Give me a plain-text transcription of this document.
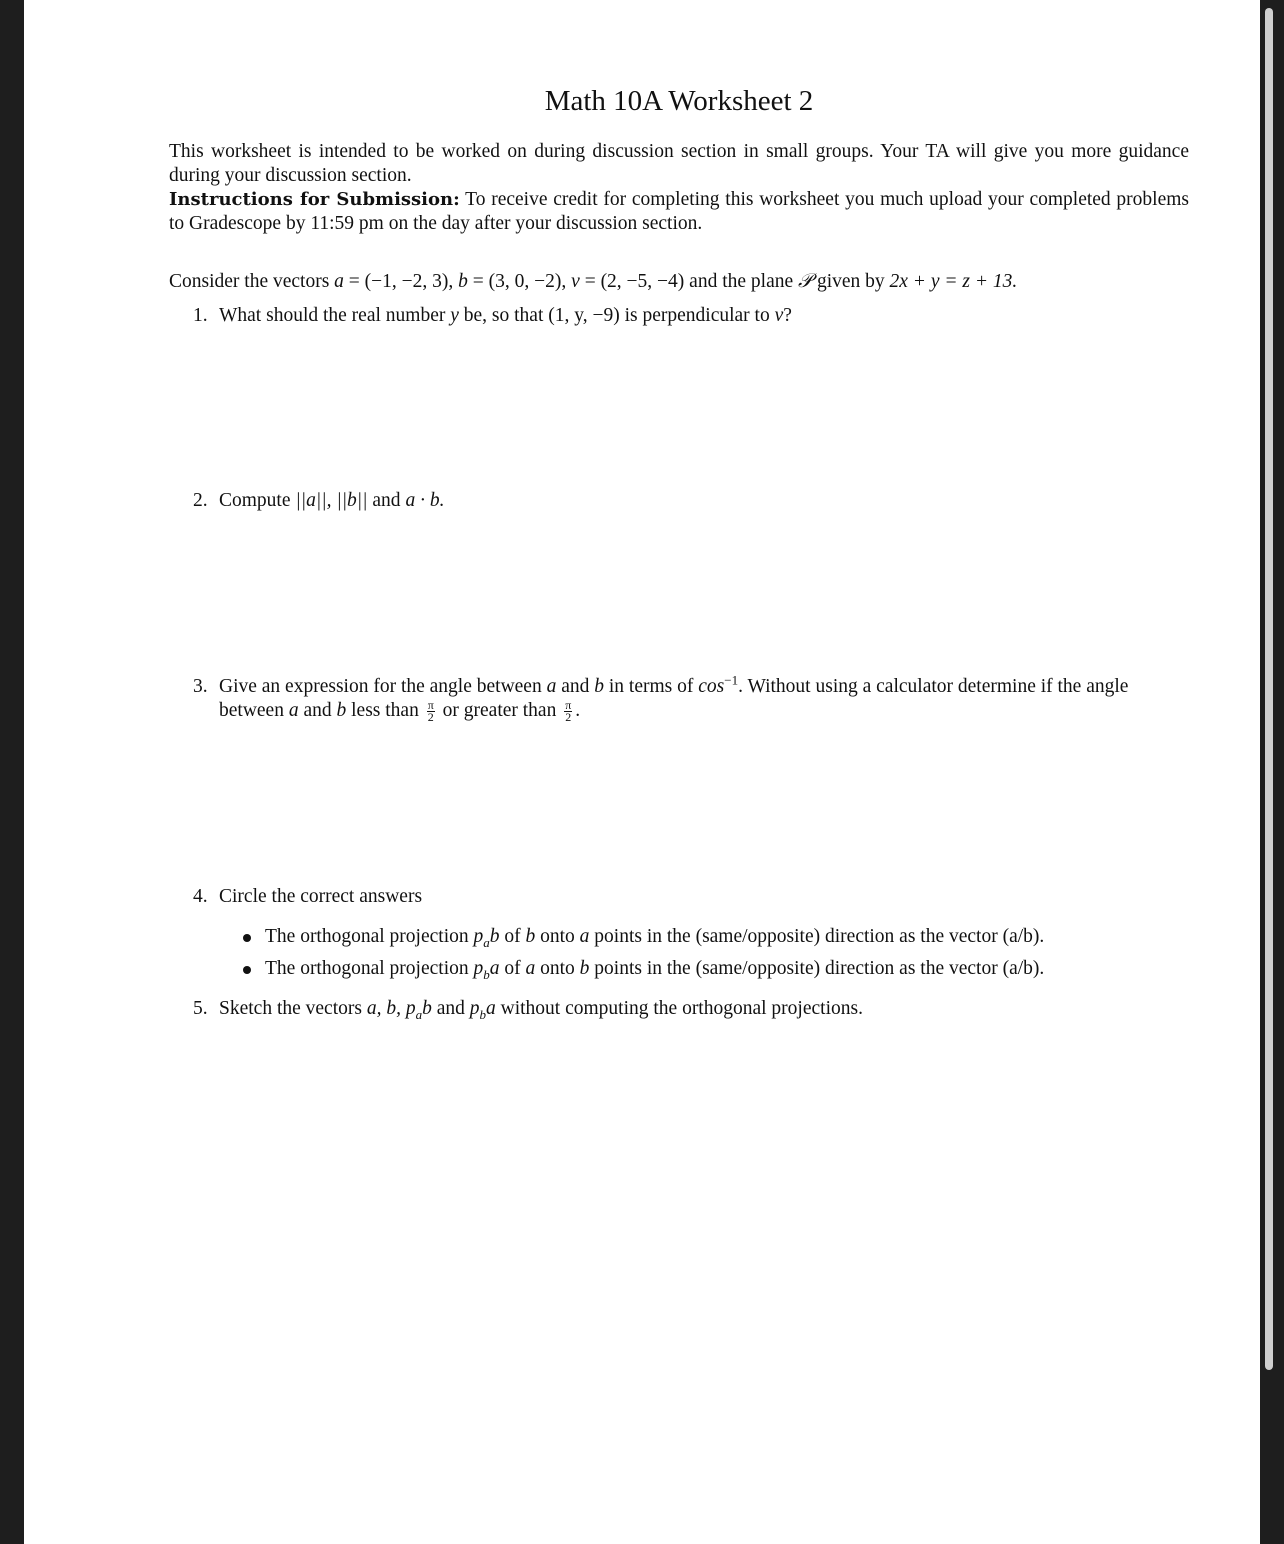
Math 10A Worksheet 2

This worksheet is intended to be worked on during discussion section in small groups. Your TA will give you more guidance during your discussion section.

Instructions for Submission: To receive credit for completing this worksheet you much upload your completed problems to Gradescope by 11:59 pm on the day after your discussion section.

Consider the vectors a = (−1, −2, 3), b = (3, 0, −2), v = (2, −5, −4) and the plane 𝒫 given by 2x + y = z + 13.
1. What should the real number y be, so that (1, y, −9) is perpendicular to v?
2. Compute ||a||, ||b|| and a · b.
3. Give an expression for the angle between a and b in terms of $\cos^{-1}$. Without using a calculator determine if the angle between a and b less than $\frac{\pi}{2}$ or greater than $\frac{\pi}{2}$ .
4. Circle the correct answers
The orthogonal projection $p_ab$ of b onto a points in the (same/opposite) direction as the vector (a/b).
The orthogonal projection $p_ba$ of a onto b points in the (same/opposite) direction as the vector (a/b).
5. Sketch the vectors a, b, $p_ab$ and $p_ba$ without computing the orthogonal projections.
